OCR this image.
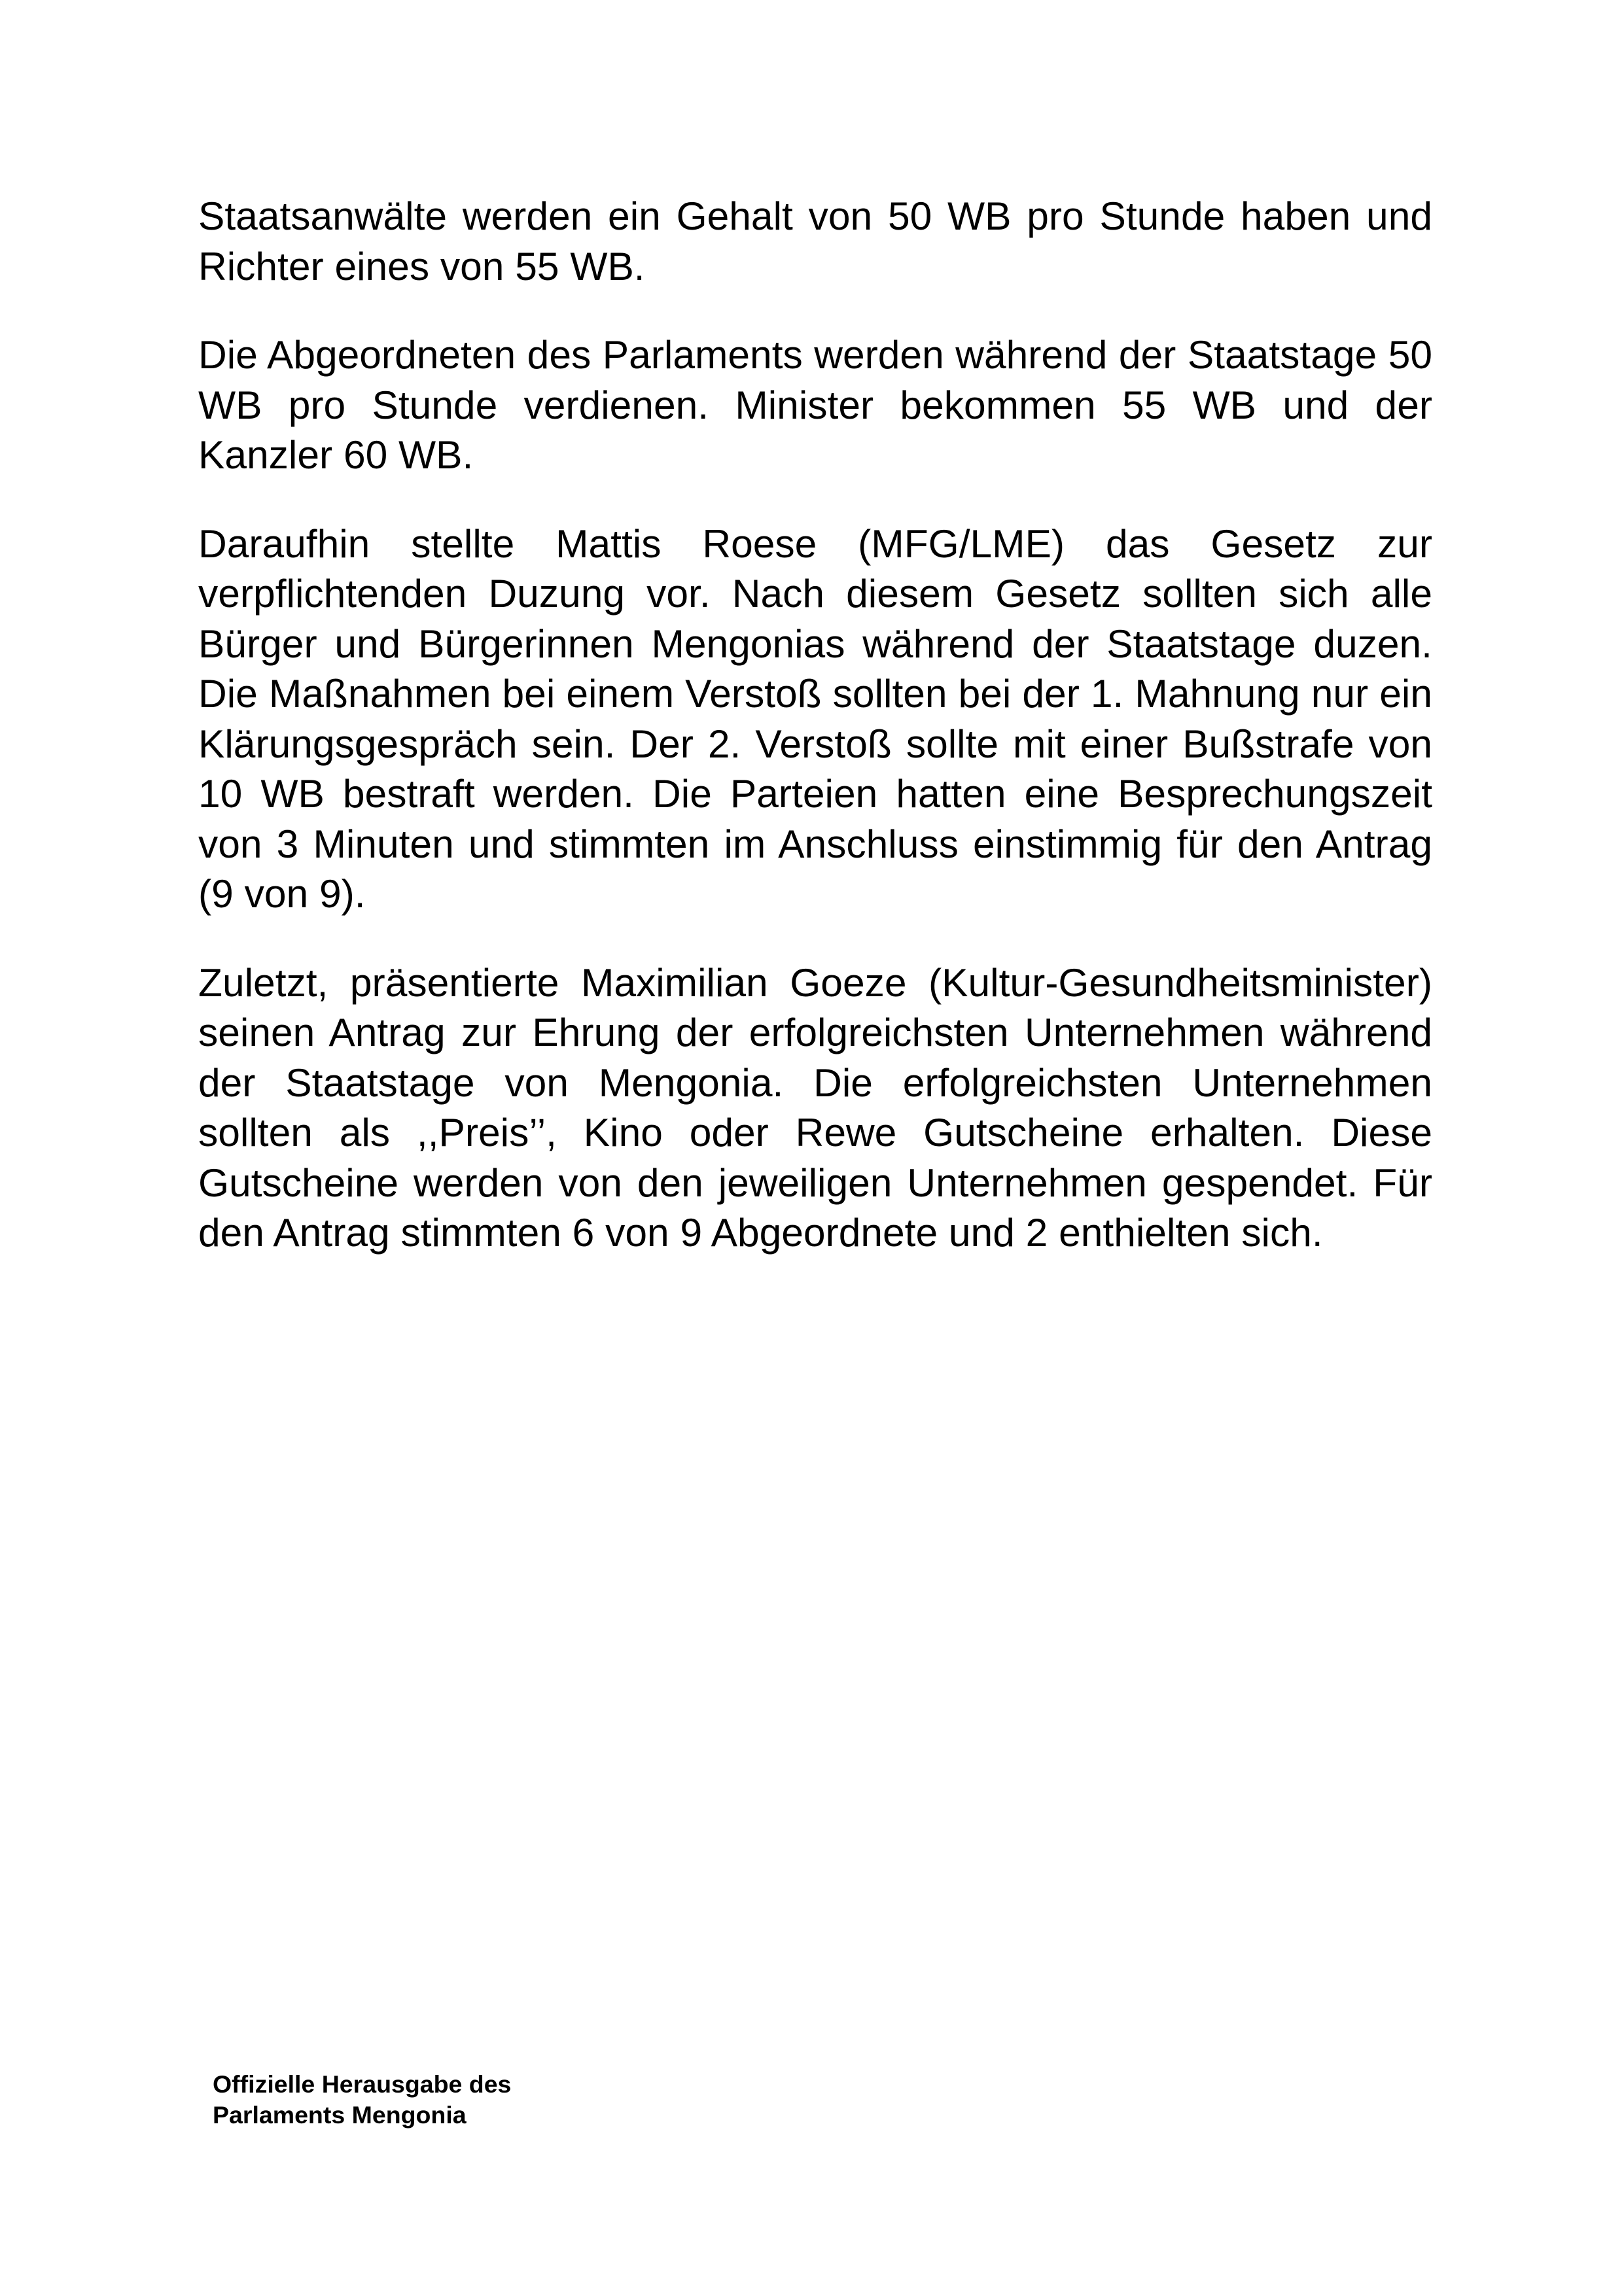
Staatsanwälte werden ein Gehalt von 50 WB pro Stunde haben und Richter eines von 55 WB.

Die Abgeordneten des Parlaments werden während der Staatstage 50 WB pro Stunde verdienen. Minister bekommen 55 WB und der Kanzler 60 WB.

Daraufhin stellte Mattis Roese (MFG/LME) das Gesetz zur verpflichtenden Duzung vor. Nach diesem Gesetz sollten sich alle Bürger und Bürgerinnen Mengonias während der Staatstage duzen. Die Maßnahmen bei einem Verstoß sollten bei der 1. Mahnung nur ein Klärungsgespräch sein. Der 2. Verstoß sollte mit einer Bußstrafe von 10 WB bestraft werden. Die Parteien hatten eine Besprechungszeit von 3 Minuten und stimmten im Anschluss einstimmig für den Antrag (9 von 9).

Zuletzt, präsentierte Maximilian Goeze (Kultur-Gesundheitsminister) seinen Antrag zur Ehrung der erfolgreichsten Unternehmen während der Staatstage von Mengonia. Die erfolgreichsten Unternehmen sollten als ,,Preis’’, Kino oder Rewe Gutscheine erhalten. Diese Gutscheine werden von den jeweiligen Unternehmen gespendet. Für den Antrag stimmten 6 von 9 Abgeordnete und 2 enthielten sich.

Offizielle Herausgabe des
Parlaments Mengonia
